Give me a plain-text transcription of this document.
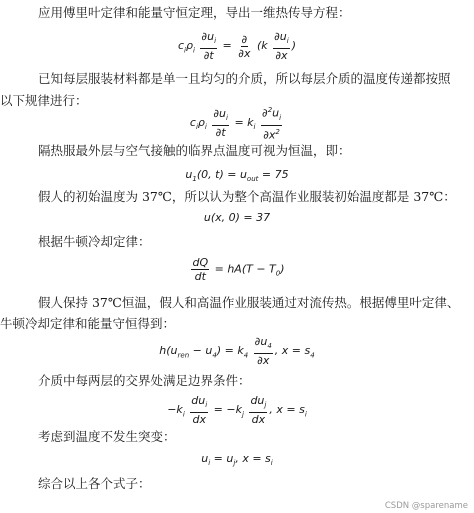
应用傅里叶定律和能量守恒定理，导出一维热传导方程：
$c_i\rho_i \frac{\partial u_i}{\partial t} = \frac{\partial}{\partial x} (k \frac{\partial u_i}{\partial x}$ )
已知每层服装材料都是单一且均匀的介质，所以每层介质的温度传递都按照
以下规律进行：
$c_i\rho_i \frac{\partial u_i}{\partial t} = k_i \frac{\partial^2u_i}{\partial x^2}$
隔热服最外层与空气接触的临界点温度可视为恒温，即：
$u_1(0$, $t) = u_{out} = 75$
假人的初始温度为 37℃，所以认为整个高温作业服装初始温度都是 37℃：
u(x, 0) = 37
根据牛顿冷却定律：
$\frac{dQ}{dt} = hA(T - T_0)$
假人保持 37℃恒温，假人和高温作业服装通过对流传热。根据傅里叶定律、
牛顿冷却定律和能量守恒得到：
$h(u_{ren} - u_4) = k_4 \frac{\partial u_4}{\partial x}$ , $x = s_4$
介质中每两层的交界处满足边界条件：
$-k_i \frac{du_i}{dx} = -k_j \frac{du_j}{dx}$ , $x = s_i$
考虑到温度不发生突变：
$u_i = u_j$, $x = s_i$
综合以上各个式子：
CSDN @sparename
